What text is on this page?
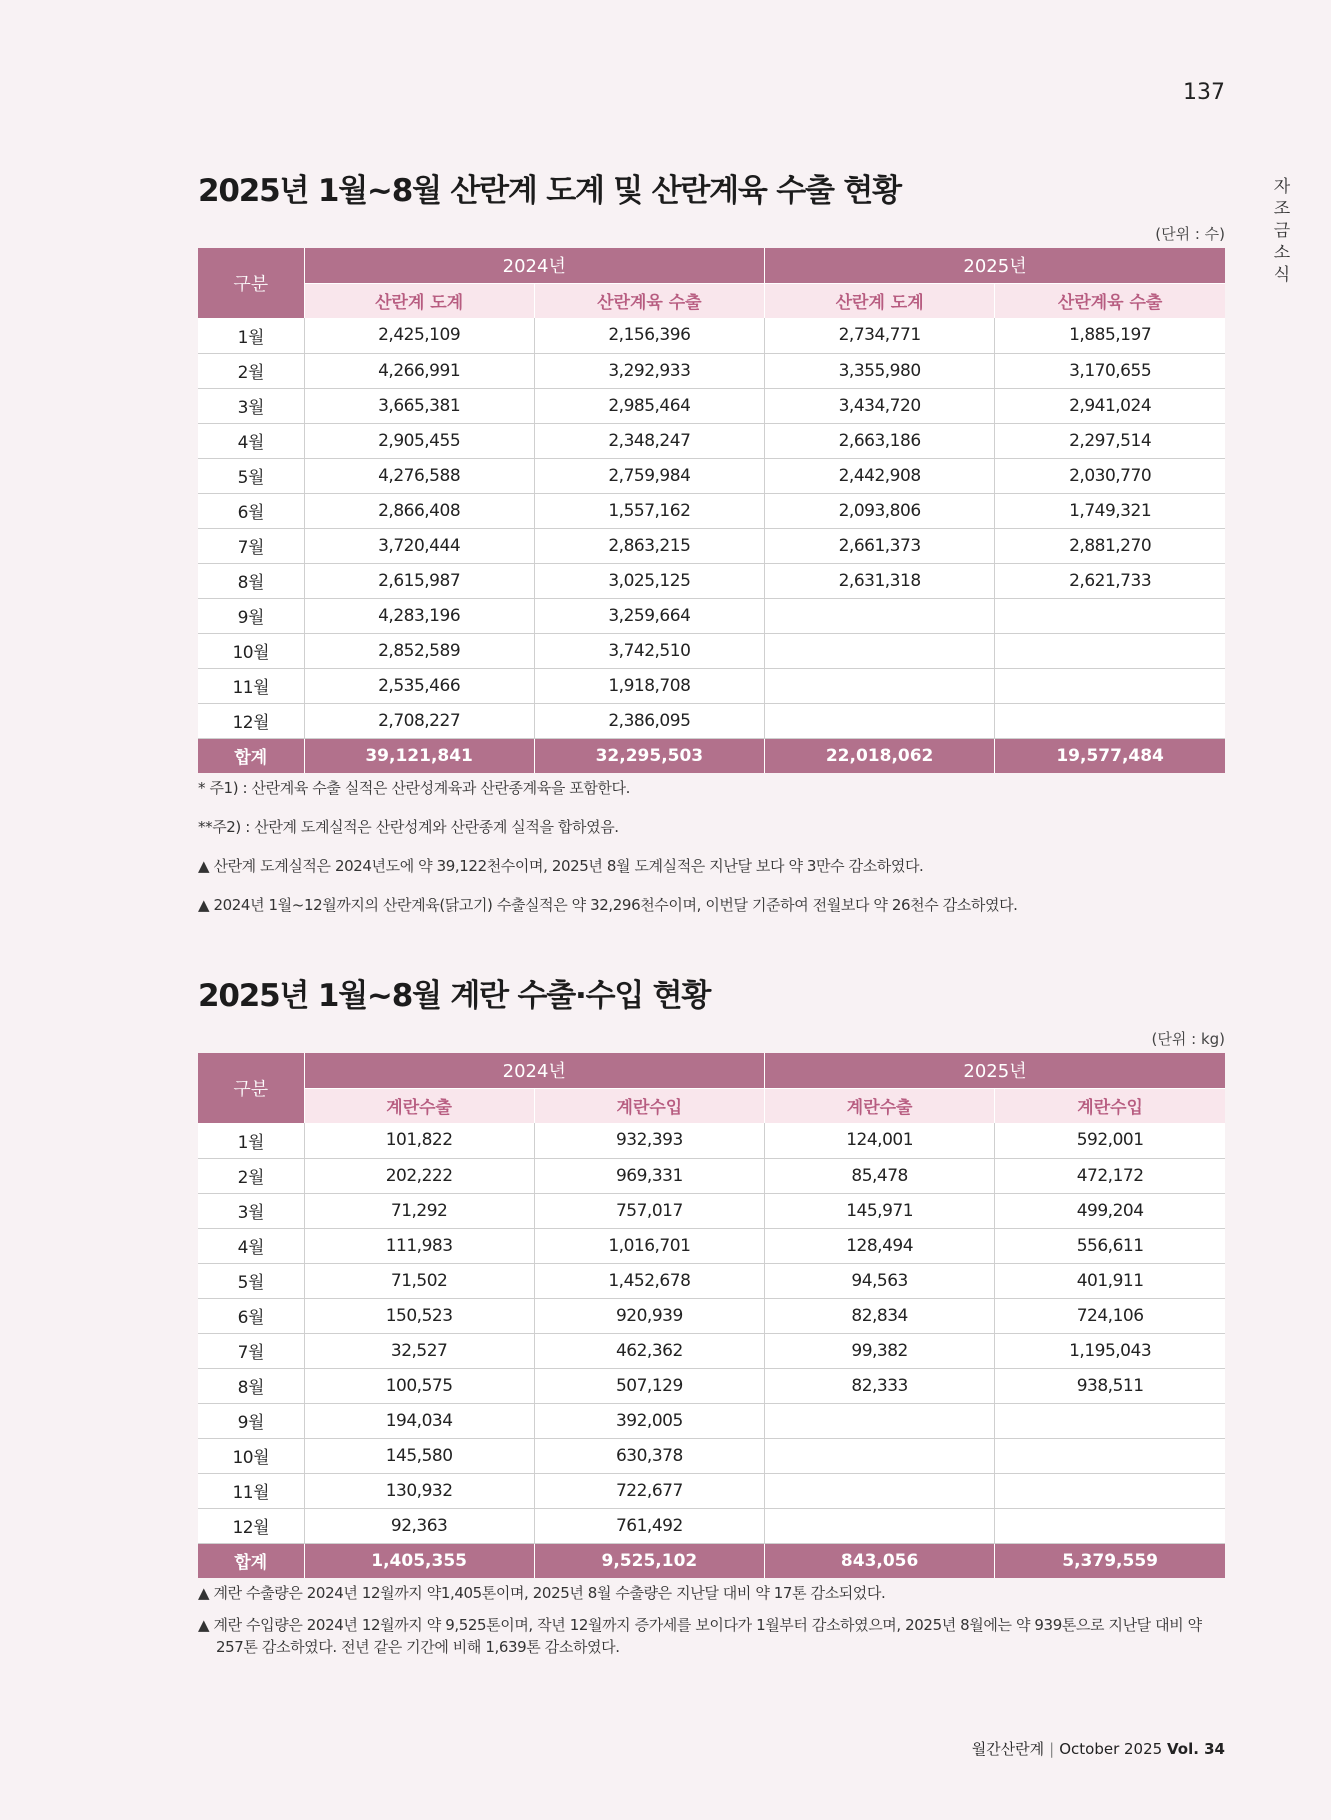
137
자조금소식
2025년 1월~8월 산란계 도계 및 산란계육 수출 현황
(단위 : 수)
구분	2024년		2025년	
	산란계 도계	산란계육 수출	산란계 도계	산란계육 수출
1월	2,425,109	2,156,396	2,734,771	1,885,197
2월	4,266,991	3,292,933	3,355,980	3,170,655
3월	3,665,381	2,985,464	3,434,720	2,941,024
4월	2,905,455	2,348,247	2,663,186	2,297,514
5월	4,276,588	2,759,984	2,442,908	2,030,770
6월	2,866,408	1,557,162	2,093,806	1,749,321
7월	3,720,444	2,863,215	2,661,373	2,881,270
8월	2,615,987	3,025,125	2,631,318	2,621,733
9월	4,283,196	3,259,664		
10월	2,852,589	3,742,510		
11월	2,535,466	1,918,708		
12월	2,708,227	2,386,095		
합계	39,121,841	32,295,503	22,018,062	19,577,484

* 주1) : 산란계육 수출 실적은 산란성계육과 산란종계육을 포함한다.

**주2) : 산란계 도계실적은 산란성계와 산란종계 실적을 합하였음.

▲ 산란계 도계실적은 2024년도에 약 39,122천수이며, 2025년 8월 도계실적은 지난달 보다 약 3만수 감소하였다.

▲ 2024년 1월~12월까지의 산란계육(닭고기) 수출실적은 약 32,296천수이며, 이번달 기준하여 전월보다 약 26천수 감소하였다.

2025년 1월~8월 계란 수출·수입 현황
(단위 : kg)
구분	2024년		2025년	
	계란수출	계란수입	계란수출	계란수입
1월	101,822	932,393	124,001	592,001
2월	202,222	969,331	85,478	472,172
3월	71,292	757,017	145,971	499,204
4월	111,983	1,016,701	128,494	556,611
5월	71,502	1,452,678	94,563	401,911
6월	150,523	920,939	82,834	724,106
7월	32,527	462,362	99,382	1,195,043
8월	100,575	507,129	82,333	938,511
9월	194,034	392,005		
10월	145,580	630,378		
11월	130,932	722,677		
12월	92,363	761,492		
합계	1,405,355	9,525,102	843,056	5,379,559

▲ 계란 수출량은 2024년 12월까지 약1,405톤이며, 2025년 8월 수출량은 지난달 대비 약 17톤 감소되었다.

▲ 계란 수입량은 2024년 12월까지 약 9,525톤이며, 작년 12월까지 증가세를 보이다가 1월부터 감소하였으며, 2025년 8월에는 약 939톤으로 지난달 대비 약 257톤 감소하였다. 전년 같은 기간에 비해 1,639톤 감소하였다.

월간산란계 | October 2025 Vol. 34
